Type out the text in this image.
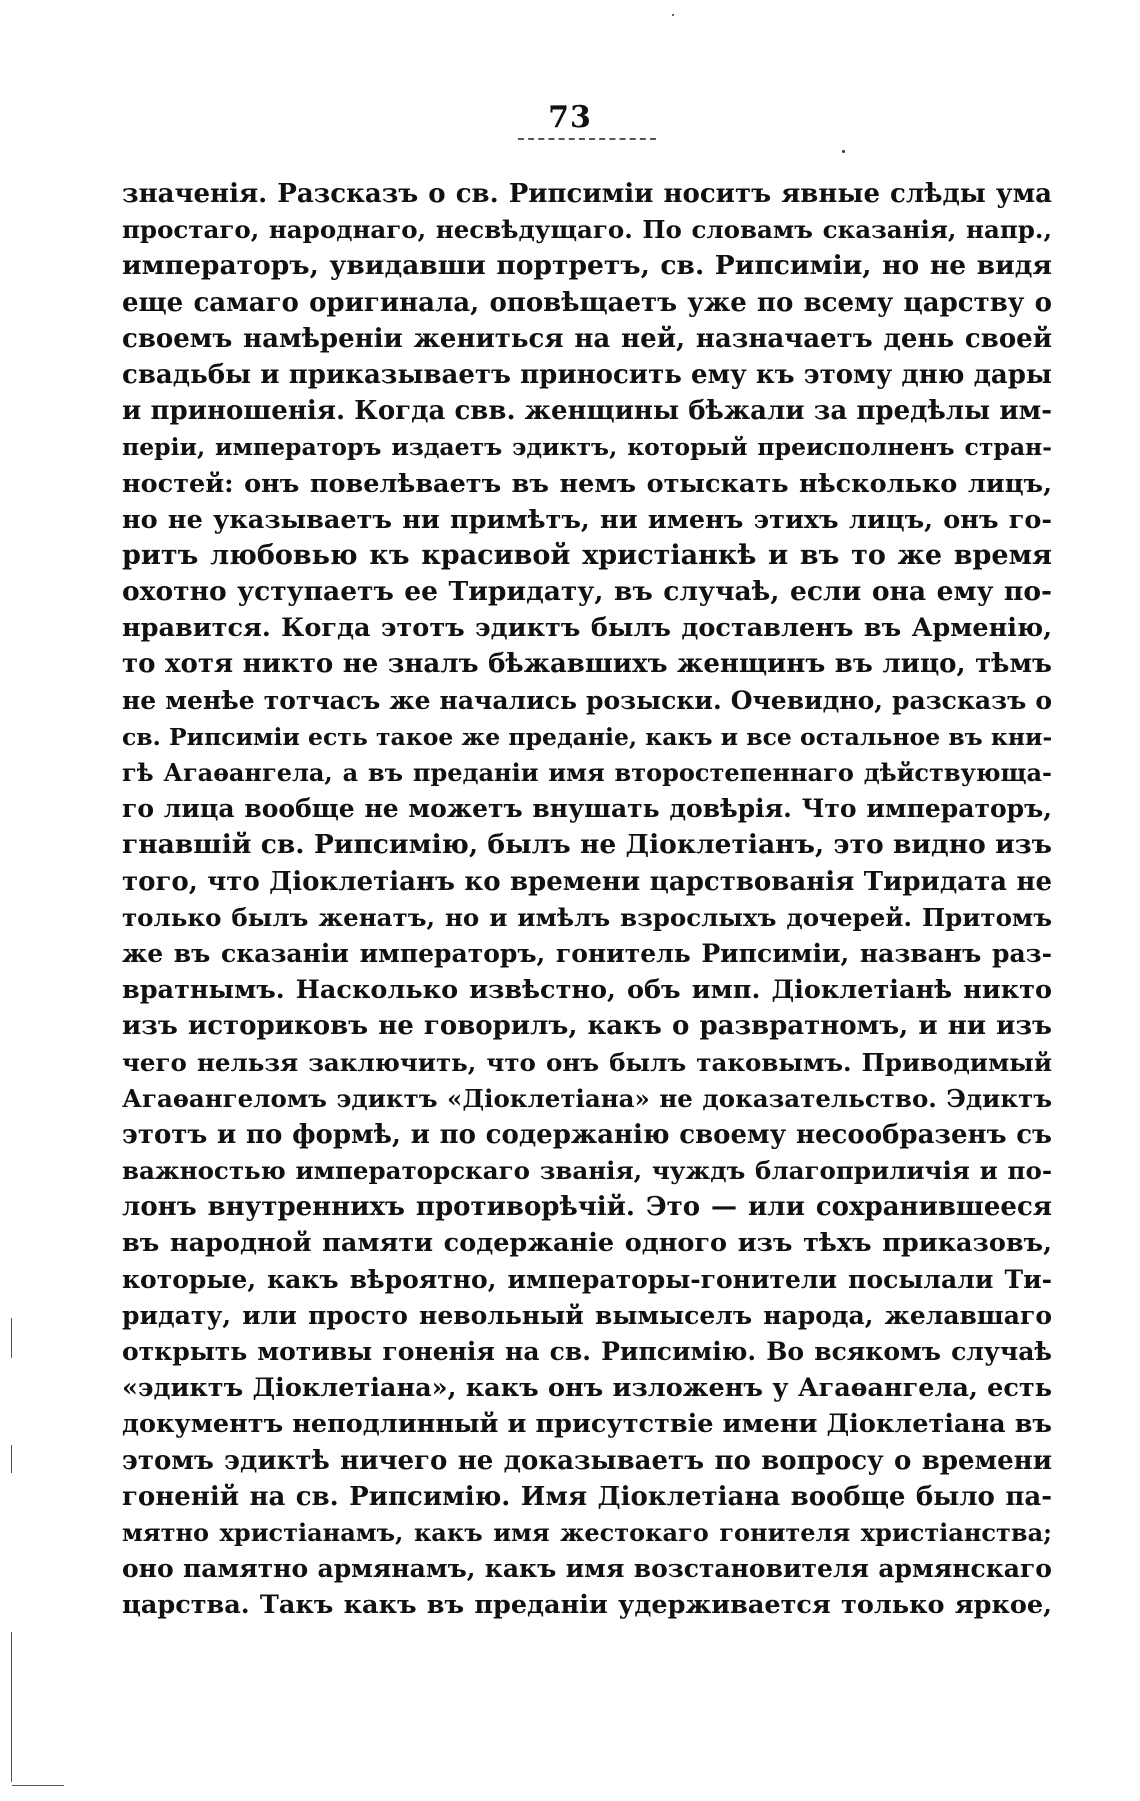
73
значенія. Разсказъ о св. Рипсиміи носитъ явные слѣды ума
простаго, народнаго, несвѣдущаго. По словамъ сказанія, напр.,
императоръ, увидавши портретъ, св. Рипсиміи, но не видя
еще самаго оригинала, оповѣщаетъ уже по всему царству о
своемъ намѣреніи жениться на ней, назначаетъ день своей
свадьбы и приказываетъ приносить ему къ этому дню дары
и приношенія. Когда свв. женщины бѣжали за предѣлы им-
періи, императоръ издаетъ эдиктъ, который преисполненъ стран-
ностей: онъ повелѣваетъ въ немъ отыскать нѣсколько лицъ,
но не указываетъ ни примѣтъ, ни именъ этихъ лицъ, онъ го-
ритъ любовью къ красивой христіанкѣ и въ то же время
охотно уступаетъ ее Тиридату, въ случаѣ, если она ему по-
нравится. Когда этотъ эдиктъ былъ доставленъ въ Арменію,
то хотя никто не зналъ бѣжавшихъ женщинъ въ лицо, тѣмъ
не менѣе тотчасъ же начались розыски. Очевидно, разсказъ о
св. Рипсиміи есть такое же преданіе, какъ и все остальное въ кни-
гѣ Агаѳангела, а въ преданіи имя второстепеннаго дѣйствующа-
го лица вообще не можетъ внушать довѣрія. Что императоръ,
гнавшій св. Рипсимію, былъ не Діоклетіанъ, это видно изъ
того, что Діоклетіанъ ко времени царствованія Тиридата не
только былъ женатъ, но и имѣлъ взрослыхъ дочерей. Притомъ
же въ сказаніи императоръ, гонитель Рипсиміи, названъ раз-
вратнымъ. Насколько извѣстно, объ имп. Діоклетіанѣ никто
изъ историковъ не говорилъ, какъ о развратномъ, и ни изъ
чего нельзя заключить, что онъ былъ таковымъ. Приводимый
Агаѳангеломъ эдиктъ «Діоклетіана» не доказательство. Эдиктъ
этотъ и по формѣ, и по содержанію своему несообразенъ съ
важностью императорскаго званія, чуждъ благоприличія и по-
лонъ внутреннихъ противорѣчій. Это — или сохранившееся
въ народной памяти содержаніе одного изъ тѣхъ приказовъ,
которые, какъ вѣроятно, императоры-гонители посылали Ти-
ридату, или просто невольный вымыселъ народа, желавшаго
открыть мотивы гоненія на св. Рипсимію. Во всякомъ случаѣ
«эдиктъ Діоклетіана», какъ онъ изложенъ у Агаѳангела, есть
документъ неподлинный и присутствіе имени Діоклетіана въ
этомъ эдиктѣ ничего не доказываетъ по вопросу о времени
гоненій на св. Рипсимію. Имя Діоклетіана вообще было па-
мятно христіанамъ, какъ имя жестокаго гонителя христіанства;
оно памятно армянамъ, какъ имя возстановителя армянскаго
царства. Такъ какъ въ преданіи удерживается только яркое,
